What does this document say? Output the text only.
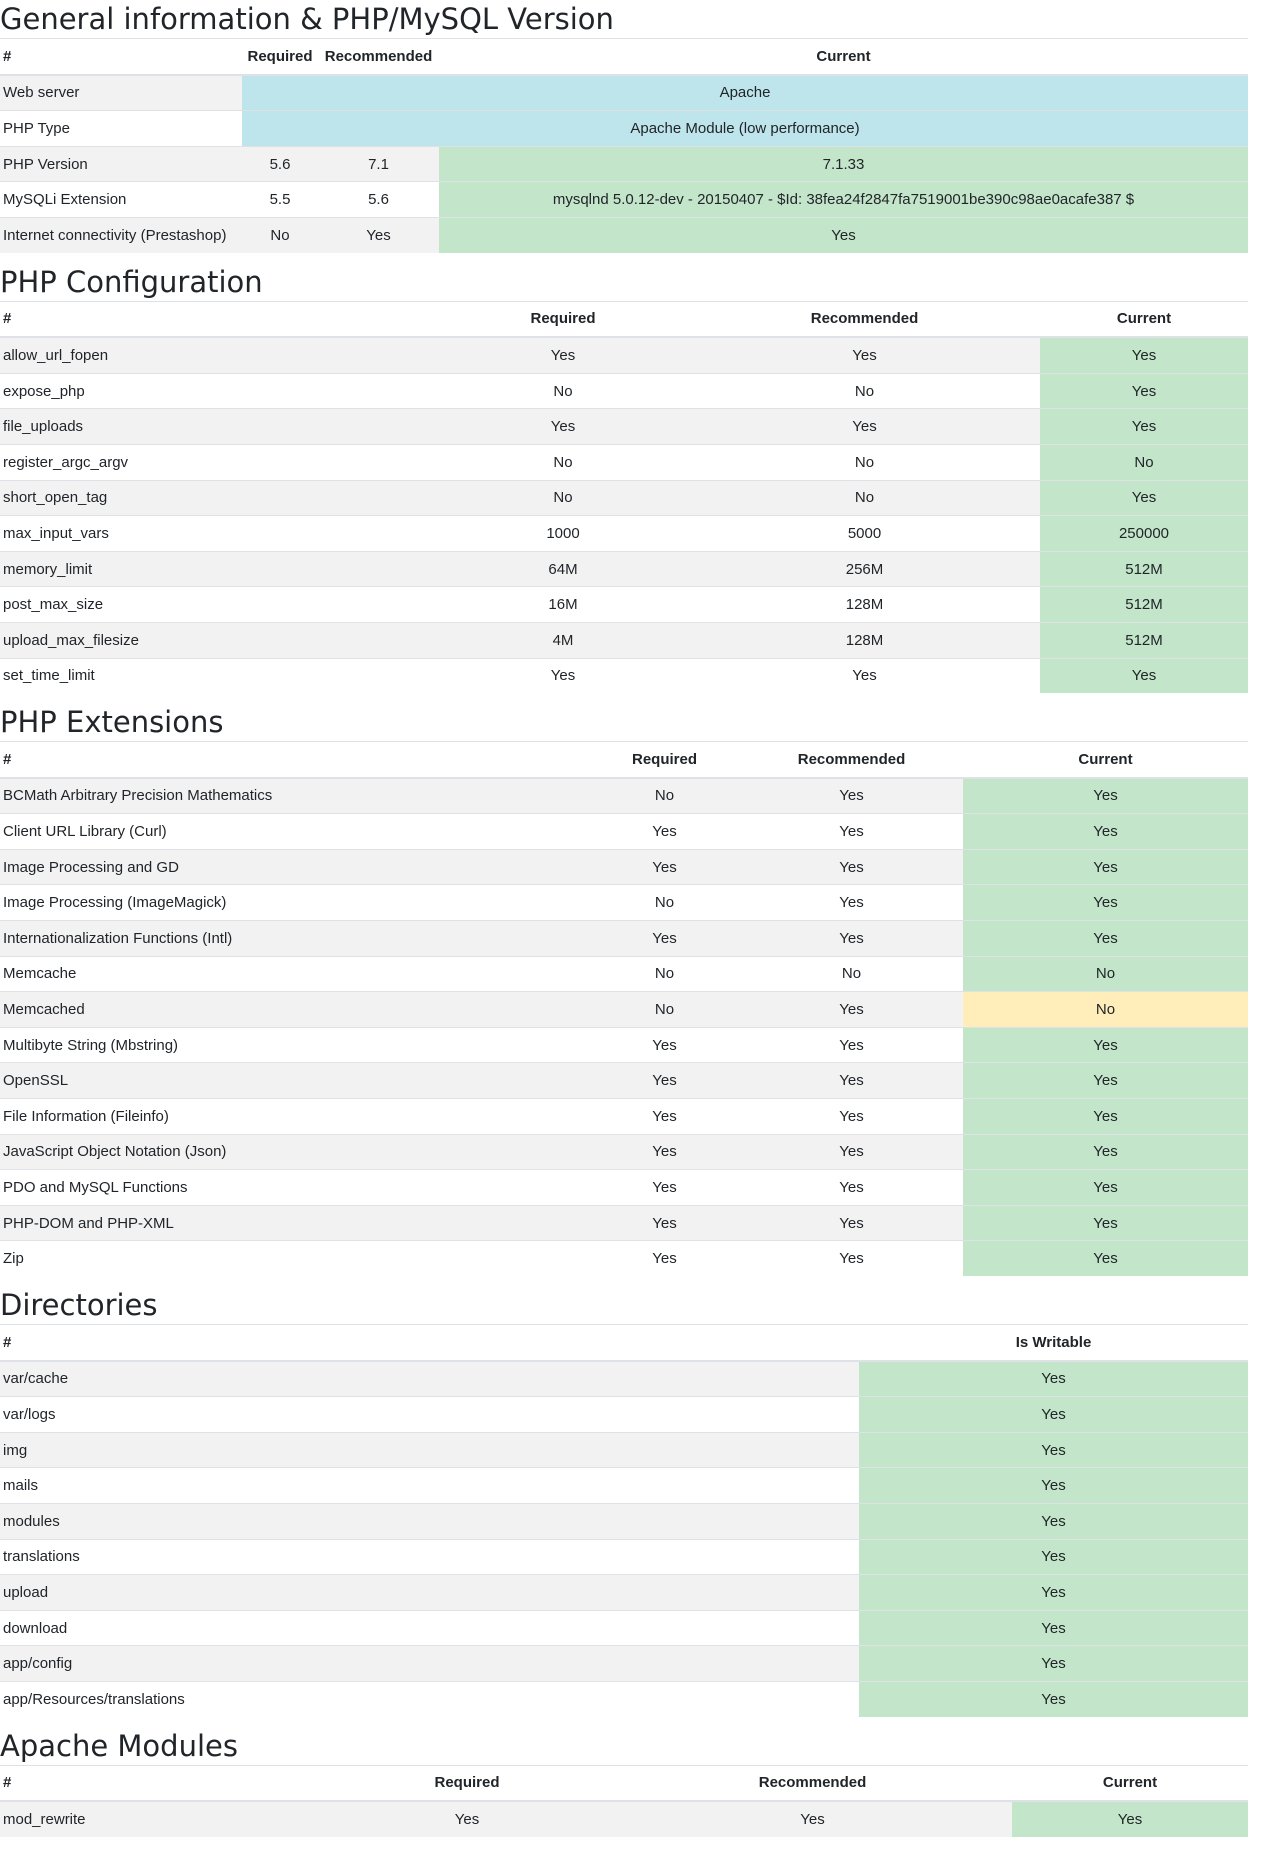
General information & PHP/MySQL Version
#	Required	Recommended	Current
Web server	Apache		
PHP Type	Apache Module (low performance)		
PHP Version	5.6	7.1	7.1.33
MySQLi Extension	5.5	5.6	mysqlnd 5.0.12-dev - 20150407 - $Id: 38fea24f2847fa7519001be390c98ae0acafe387 $
Internet connectivity (Prestashop)	No	Yes	Yes
PHP Configuration
#	Required	Recommended	Current
allow_url_fopen	Yes	Yes	Yes
expose_php	No	No	Yes
file_uploads	Yes	Yes	Yes
register_argc_argv	No	No	No
short_open_tag	No	No	Yes
max_input_vars	1000	5000	250000
memory_limit	64M	256M	512M
post_max_size	16M	128M	512M
upload_max_filesize	4M	128M	512M
set_time_limit	Yes	Yes	Yes
PHP Extensions
#	Required	Recommended	Current
BCMath Arbitrary Precision Mathematics	No	Yes	Yes
Client URL Library (Curl)	Yes	Yes	Yes
Image Processing and GD	Yes	Yes	Yes
Image Processing (ImageMagick)	No	Yes	Yes
Internationalization Functions (Intl)	Yes	Yes	Yes
Memcache	No	No	No
Memcached	No	Yes	No
Multibyte String (Mbstring)	Yes	Yes	Yes
OpenSSL	Yes	Yes	Yes
File Information (Fileinfo)	Yes	Yes	Yes
JavaScript Object Notation (Json)	Yes	Yes	Yes
PDO and MySQL Functions	Yes	Yes	Yes
PHP-DOM and PHP-XML	Yes	Yes	Yes
Zip	Yes	Yes	Yes
Directories
#	Is Writable
var/cache	Yes
var/logs	Yes
img	Yes
mails	Yes
modules	Yes
translations	Yes
upload	Yes
download	Yes
app/config	Yes
app/Resources/translations	Yes
Apache Modules
#	Required	Recommended	Current
mod_rewrite	Yes	Yes	Yes
